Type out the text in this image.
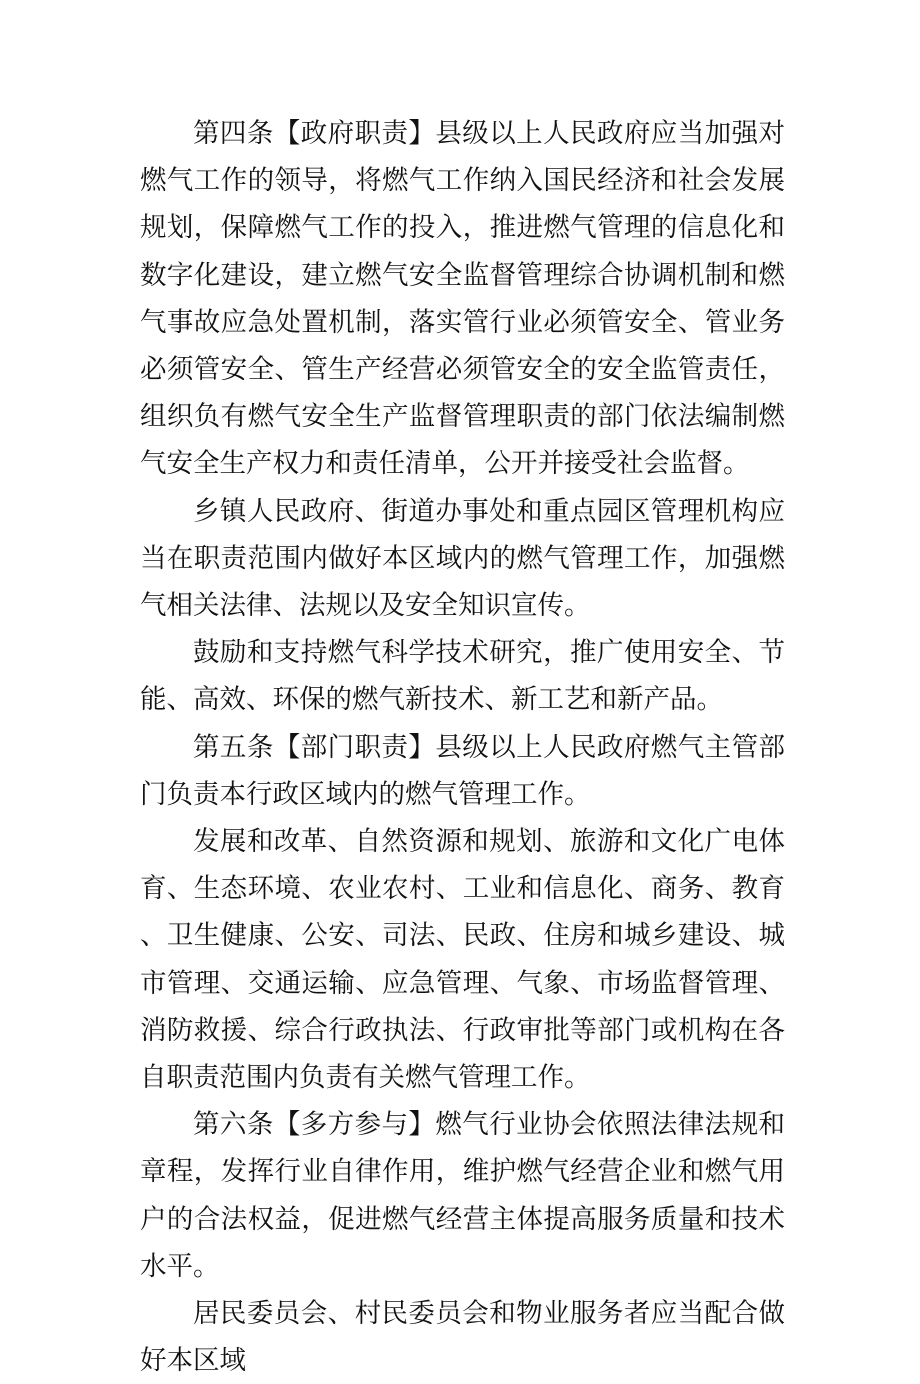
第四条【政府职责】县级以上人民政府应当加强对燃气工作的领导，将燃气工作纳入国民经济和社会发展规划，保障燃气工作的投入，推进燃气管理的信息化和数字化建设，建立燃气安全监督管理综合协调机制和燃气事故应急处置机制，落实管行业必须管安全、管业务必须管安全、管生产经营必须管安全的安全监管责任，组织负有燃气安全生产监督管理职责的部门依法编制燃气安全生产权力和责任清单，公开并接受社会监督。

乡镇人民政府、街道办事处和重点园区管理机构应当在职责范围内做好本区域内的燃气管理工作，加强燃气相关法律、法规以及安全知识宣传。

鼓励和支持燃气科学技术研究，推广使用安全、节能、高效、环保的燃气新技术、新工艺和新产品。

第五条【部门职责】县级以上人民政府燃气主管部门负责本行政区域内的燃气管理工作。

发展和改革、自然资源和规划、旅游和文化广电体育、生态环境、农业农村、工业和信息化、商务、教育、卫生健康、公安、司法、民政、住房和城乡建设、城市管理、交通运输、应急管理、气象、市场监督管理、消防救援、综合行政执法、行政审批等部门或机构在各自职责范围内负责有关燃气管理工作。

第六条【多方参与】燃气行业协会依照法律法规和章程，发挥行业自律作用，维护燃气经营企业和燃气用户的合法权益，促进燃气经营主体提高服务质量和技术水平。

居民委员会、村民委员会和物业服务者应当配合做好本区域
